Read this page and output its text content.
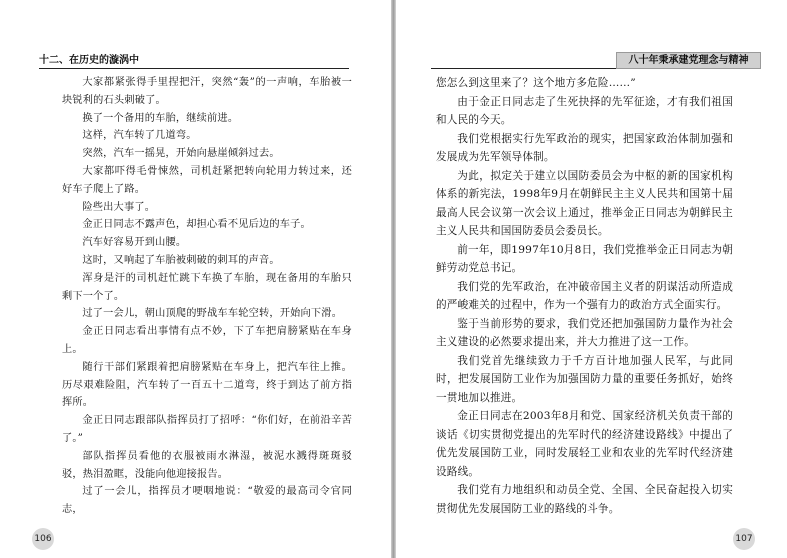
十二、在历史的漩涡中

大家都紧张得手里捏把汗，突然“轰”的一声响，车胎被一块锐利的石头刺破了。

换了一个备用的车胎，继续前进。

这样，汽车转了几道弯。

突然，汽车一摇晃，开始向悬崖倾斜过去。

大家都吓得毛骨悚然，司机赶紧把转向轮用力转过来，还好车子爬上了路。

险些出大事了。

金正日同志不露声色，却担心看不见后边的车子。

汽车好容易开到山腰。

这时，又响起了车胎被刺破的刺耳的声音。

浑身是汗的司机赶忙跳下车换了车胎，现在备用的车胎只剩下一个了。

过了一会儿，朝山顶爬的野战车车轮空转，开始向下滑。

金正日同志看出事情有点不妙，下了车把肩膀紧贴在车身上。

随行干部们紧跟着把肩膀紧贴在车身上，把汽车往上推。历尽艰难险阻，汽车转了一百五十二道弯，终于到达了前方指挥所。

金正日同志跟部队指挥员打了招呼：“你们好，在前沿辛苦了。”

部队指挥员看他的衣服被雨水淋湿，被泥水溅得斑斑驳驳，热泪盈眶，没能向他迎接报告。

过了一会儿，指挥员才哽咽地说：“敬爱的最高司令官同志，

106
八十年秉承建党理念与精神

您怎么到这里来了？这个地方多危险……”

由于金正日同志走了生死抉择的先军征途，才有我们祖国和人民的今天。

我们党根据实行先军政治的现实，把国家政治体制加强和发展成为先军领导体制。

为此，拟定关于建立以国防委员会为中枢的新的国家机构体系的新宪法，1998年9月在朝鲜民主主义人民共和国第十届最高人民会议第一次会议上通过，推举金正日同志为朝鲜民主主义人民共和国国防委员会委员长。

前一年，即1997年10月8日，我们党推举金正日同志为朝鲜劳动党总书记。

我们党的先军政治，在冲破帝国主义者的阴谋活动所造成的严峻难关的过程中，作为一个强有力的政治方式全面实行。

鉴于当前形势的要求，我们党还把加强国防力量作为社会主义建设的必然要求提出来，并大力推进了这一工作。

我们党首先继续致力于千方百计地加强人民军，与此同时，把发展国防工业作为加强国防力量的重要任务抓好，始终一贯地加以推进。

金正日同志在2003年8月和党、国家经济机关负责干部的谈话《切实贯彻党提出的先军时代的经济建设路线》中提出了优先发展国防工业，同时发展轻工业和农业的先军时代经济建设路线。

我们党有力地组织和动员全党、全国、全民奋起投入切实贯彻优先发展国防工业的路线的斗争。

107
